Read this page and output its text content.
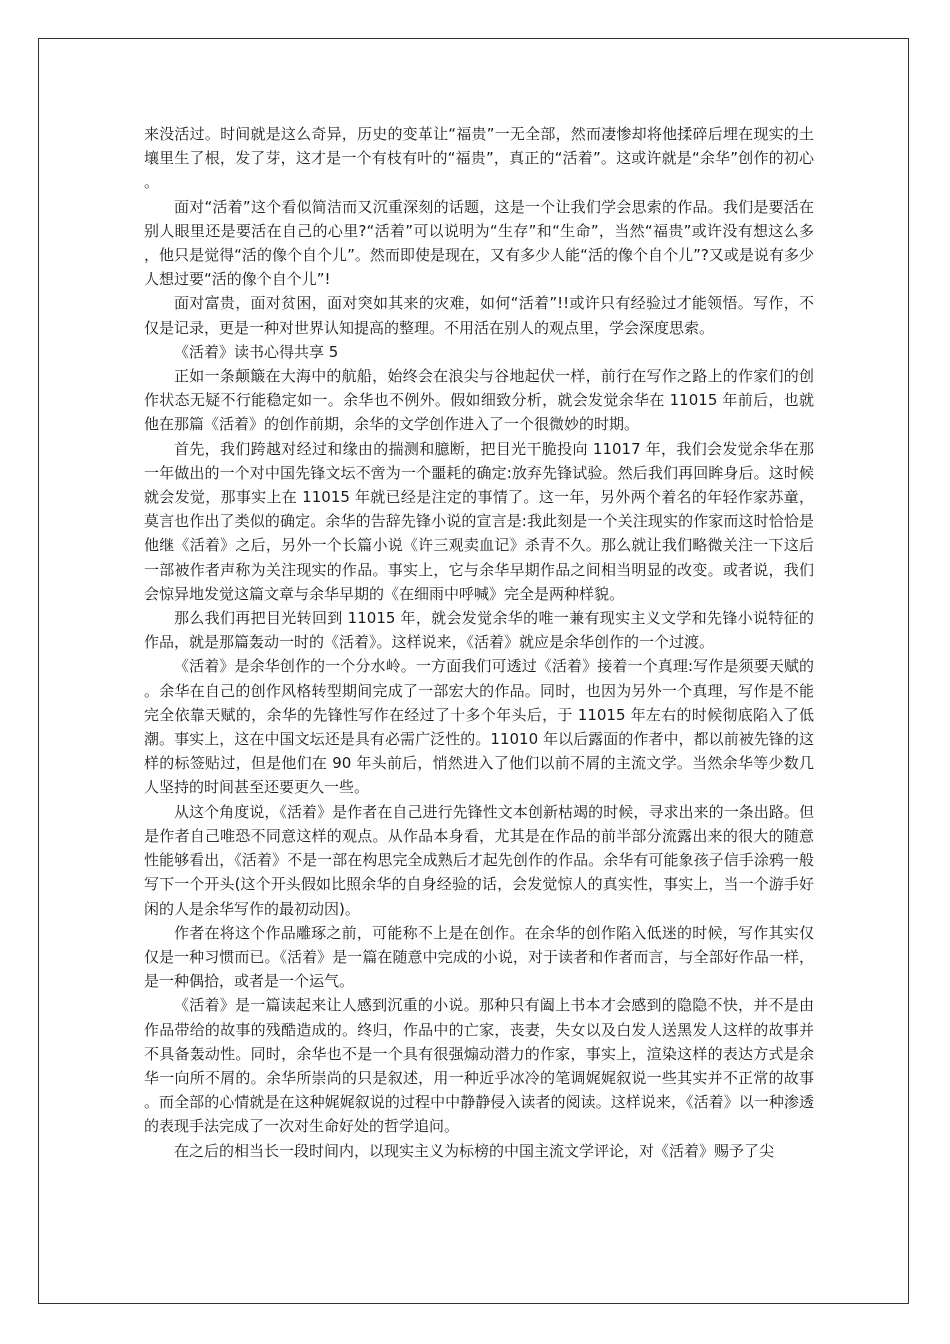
来没活过。时间就是这么奇异，历史的变革让“福贵”一无全部，然而凄惨却将他揉碎后埋在现实的土壤里生了根，发了芽，这才是一个有枝有叶的“福贵”，真正的“活着”。这或许就是“余华”创作的初心。

面对“活着”这个看似简洁而又沉重深刻的话题，这是一个让我们学会思索的作品。我们是要活在别人眼里还是要活在自己的心里?“活着”可以说明为“生存”和“生命”，当然“福贵”或许没有想这么多，他只是觉得“活的像个自个儿”。然而即使是现在，又有多少人能“活的像个自个儿”?又或是说有多少人想过要“活的像个自个儿”!

面对富贵，面对贫困，面对突如其来的灾难，如何“活着”!!或许只有经验过才能领悟。写作，不仅是记录，更是一种对世界认知提高的整理。不用活在别人的观点里，学会深度思索。

《活着》读书心得共享 5

正如一条颠簸在大海中的航船，始终会在浪尖与谷地起伏一样，前行在写作之路上的作家们的创作状态无疑不行能稳定如一。余华也不例外。假如细致分析，就会发觉余华在 11015 年前后，也就他在那篇《活着》的创作前期，余华的文学创作进入了一个很微妙的时期。

首先，我们跨越对经过和缘由的揣测和臆断，把目光干脆投向 11017 年，我们会发觉余华在那一年做出的一个对中国先锋文坛不啻为一个噩耗的确定:放弃先锋试验。然后我们再回眸身后。这时候就会发觉，那事实上在 11015 年就已经是注定的事情了。这一年，另外两个着名的年轻作家苏童，莫言也作出了类似的确定。余华的告辞先锋小说的宣言是:我此刻是一个关注现实的作家而这时恰恰是他继《活着》之后，另外一个长篇小说《许三观卖血记》杀青不久。那么就让我们略微关注一下这后一部被作者声称为关注现实的作品。事实上，它与余华早期作品之间相当明显的改变。或者说，我们会惊异地发觉这篇文章与余华早期的《在细雨中呼喊》完全是两种样貌。

那么我们再把目光转回到 11015 年，就会发觉余华的唯一兼有现实主义文学和先锋小说特征的作品，就是那篇轰动一时的《活着》。这样说来，《活着》就应是余华创作的一个过渡。

《活着》是余华创作的一个分水岭。一方面我们可透过《活着》接着一个真理:写作是须要天赋的。余华在自己的创作风格转型期间完成了一部宏大的作品。同时，也因为另外一个真理，写作是不能完全依靠天赋的，余华的先锋性写作在经过了十多个年头后，于 11015 年左右的时候彻底陷入了低潮。事实上，这在中国文坛还是具有必需广泛性的。11010 年以后露面的作者中，都以前被先锋的这样的标签贴过，但是他们在 90 年头前后，悄然进入了他们以前不屑的主流文学。当然余华等少数几人坚持的时间甚至还要更久一些。

从这个角度说，《活着》是作者在自己进行先锋性文本创新枯竭的时候，寻求出来的一条出路。但是作者自己唯恐不同意这样的观点。从作品本身看，尤其是在作品的前半部分流露出来的很大的随意性能够看出，《活着》不是一部在构思完全成熟后才起先创作的作品。余华有可能象孩子信手涂鸦一般写下一个开头(这个开头假如比照余华的自身经验的话，会发觉惊人的真实性，事实上，当一个游手好闲的人是余华写作的最初动因)。

作者在将这个作品雕琢之前，可能称不上是在创作。在余华的创作陷入低迷的时候，写作其实仅仅是一种习惯而已。《活着》是一篇在随意中完成的小说，对于读者和作者而言，与全部好作品一样，是一种偶拾，或者是一个运气。

《活着》是一篇读起来让人感到沉重的小说。那种只有阖上书本才会感到的隐隐不快，并不是由作品带给的故事的残酷造成的。终归，作品中的亡家，丧妻，失女以及白发人送黑发人这样的故事并不具备轰动性。同时，余华也不是一个具有很强煽动潜力的作家，事实上，渲染这样的表达方式是余华一向所不屑的。余华所崇尚的只是叙述，用一种近乎冰冷的笔调娓娓叙说一些其实并不正常的故事。而全部的心情就是在这种娓娓叙说的过程中中静静侵入读者的阅读。这样说来，《活着》以一种渗透的表现手法完成了一次对生命好处的哲学追问。

在之后的相当长一段时间内，以现实主义为标榜的中国主流文学评论，对《活着》赐予了尖
